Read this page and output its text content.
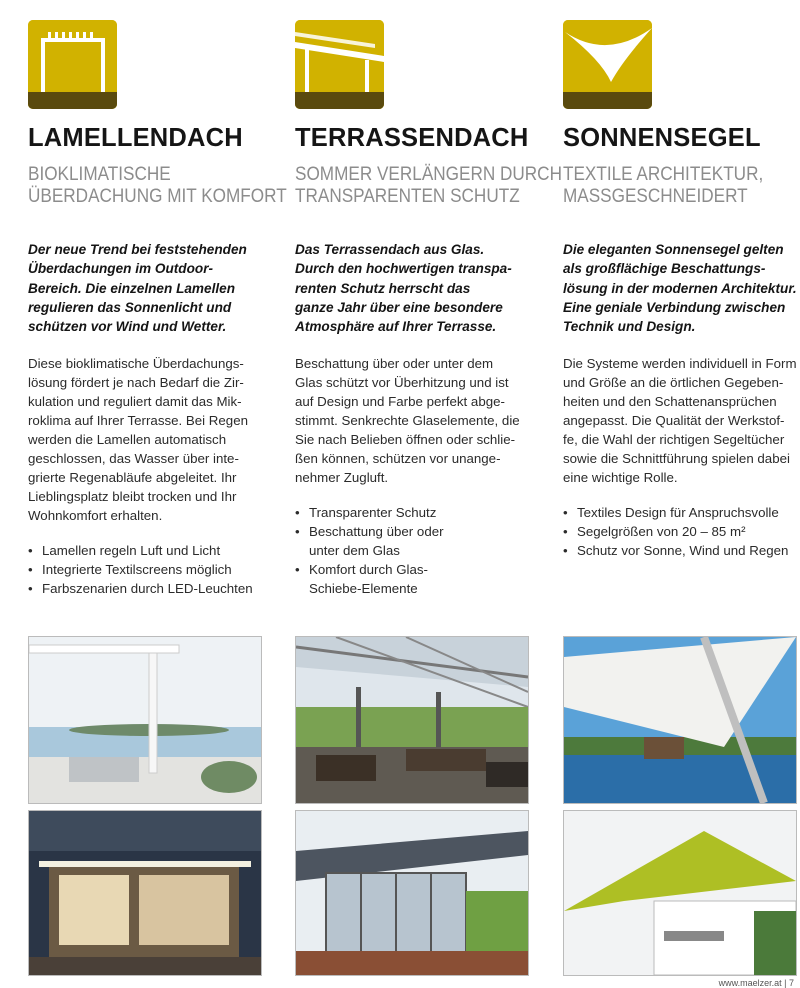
LAMELLENDACH
BIOKLIMATISCHE
ÜBERDACHUNG MIT KOMFORT
Der neue Trend bei feststehenden
Überdachungen im Outdoor-
Bereich. Die einzelnen Lamellen
regulieren das Sonnenlicht und
schützen vor Wind und Wetter.
Diese bioklimatische Überdachungs-
lösung fördert je nach Bedarf die Zir-
kulation und reguliert damit das Mik-
roklima auf Ihrer Terrasse. Bei Regen
werden die Lamellen automatisch
geschlossen, das Wasser über inte-
grierte Regenabläufe abgeleitet. Ihr
Lieblingsplatz bleibt trocken und Ihr
Wohnkomfort erhalten.
• Lamellen regeln Luft und Licht
• Integrierte Textilscreens möglich
• Farbszenarien durch LED-Leuchten
TERRASSENDACH
SOMMER VERLÄNGERN DURCH
TRANSPARENTEN SCHUTZ
Das Terrassendach aus Glas.
Durch den hochwertigen transpa-
renten Schutz herrscht das
ganze Jahr über eine besondere
Atmosphäre auf Ihrer Terrasse.
Beschattung über oder unter dem
Glas schützt vor Überhitzung und ist
auf Design und Farbe perfekt abge-
stimmt. Senkrechte Glaselemente, die
Sie nach Belieben öffnen oder schlie-
ßen können, schützen vor unange-
nehmer Zugluft.
• Transparenter Schutz
• Beschattung über oder
unter dem Glas
• Komfort durch Glas-
Schiebe-Elemente
SONNENSEGEL
TEXTILE ARCHITEKTUR,
MASSGESCHNEIDERT
Die eleganten Sonnensegel gelten
als großflächige Beschattungs-
lösung in der modernen Architektur.
Eine geniale Verbindung zwischen
Technik und Design.
Die Systeme werden individuell in Form
und Größe an die örtlichen Gegeben-
heiten und den Schattenansprüchen
angepasst. Die Qualität der Werkstof-
fe, die Wahl der richtigen Segeltücher
sowie die Schnittführung spielen dabei
eine wichtige Rolle.
• Textiles Design für Anspruchsvolle
• Segelgrößen von 20 – 85 m²
• Schutz vor Sonne, Wind und Regen
www.maelzer.at | 7
